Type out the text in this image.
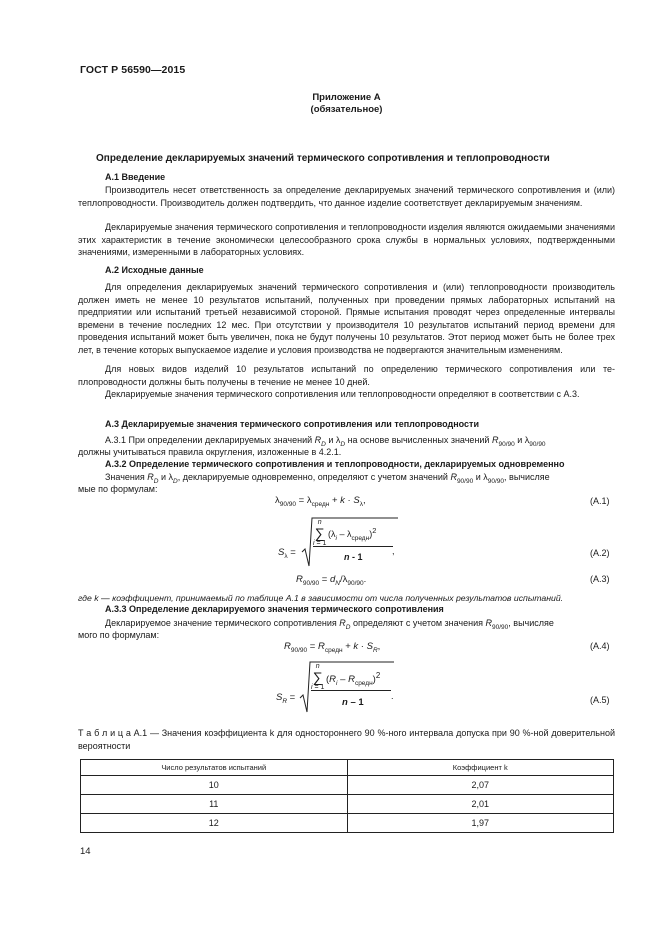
ГОСТ Р 56590—2015
Приложение А
(обязательное)
Определение декларируемых значений термического сопротивления и теплопроводности
А.1 Введение
Производитель несет ответственность за определение декларируемых значений термического сопротивления и (или) теплопроводности. Производитель должен подтвердить, что данное изделие соответствует декларируемым значениям.
Декларируемые значения термического сопротивления и теплопроводности изделия являются ожидаемыми значениями этих характеристик в течение экономически целесообразного срока службы в нормальных условиях, подтвержденными значениями, измеренными в лабораторных условиях.
А.2 Исходные данные
Для определения декларируемых значений термического сопротивления и (или) теплопроводности производитель должен иметь не менее 10 результатов испытаний, полученных при проведении прямых лабораторных испытаний на предприятии или испытаний третьей независимой стороной. Прямые испытания проводят через определенные интервалы времени в течение последних 12 мес. При отсутствии у производителя 10 результатов испытаний период времени для проведения испытаний может быть увеличен, пока не будут получены 10 результатов. Этот период может быть не более трех лет, в течение которых выпускаемое изделие и условия производства не подвергаются значительным изменениям.
Для новых видов изделий 10 результатов испытаний по определению термического сопротивления или теплопроводности должны быть получены в течение не менее 10 дней.
Декларируемые значения термического сопротивления или теплопроводности определяют в соответствии с А.3.
А.3 Декларируемые значения термического сопротивления или теплопроводности
А.3.1 При определении декларируемых значений $R_D$ и $\lambda_D$ на основе вычисленных значений $R_{90/90}$ и $\lambda_{90/90}$
должны учитываться правила округления, изложенные в 4.2.1.
А.3.2 Определение термического сопротивления и теплопроводности, декларируемых одновременно
Значения $R_D$ и $\lambda_D$, декларируемые одновременно, определяют с учетом значений $R_{90/90}$ и $\lambda_{90/90}$, вычисляе
мые по формулам:
$\lambda_{90/90} = \lambda_{средн} + k \cdot S_\lambda$,	(А.1)
$S_\lambda$ =
n
∑
i = 1
$(\lambda_i - \lambda_{средн})^2$
n - 1
,	(А.2)
$R_{90/90} = d_N/\lambda_{90/90}$.	(А.3)
где k — коэффициент, принимаемый по таблице А.1 в зависимости от числа полученных результатов испытаний.
А.3.3 Определение декларируемого значения термического сопротивления
Декларируемое значение термического сопротивления $R_D$ определяют с учетом значения $R_{90/90}$, вычисляе
мого по формулам:
$R_{90/90} = R_{средн} + k \cdot S_R$,	(А.4)
$S_R$ =
n
∑
i = 1
$(R_i - R_{средн})^2$
n – 1
.	(А.5)
Т а б л и ц а А.1 — Значения коэффициента k для одностороннего 90 %-ного интервала допуска при 90 %-ной доверительной вероятности
Число результатов испытаний	Коэффициент k
10	2,07
11	2,01
12	1,97
14
